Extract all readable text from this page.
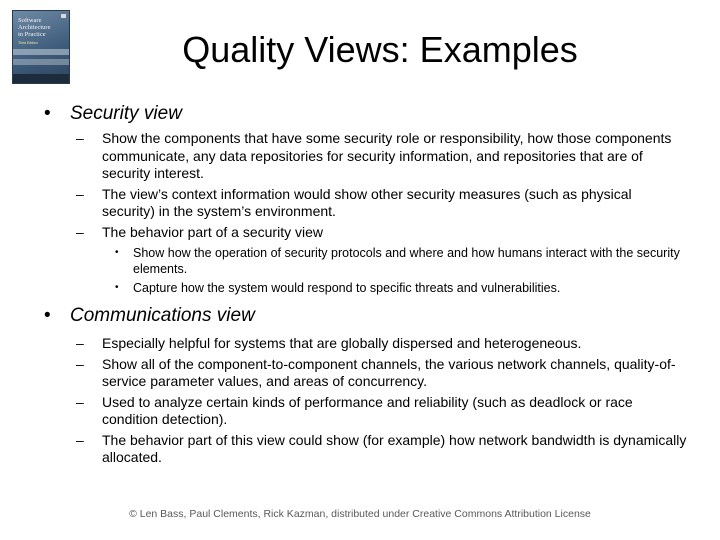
Software
Architecture
in Practice
Third Edition	Quality Views: Examples
• Security view
– Show the components that have some security role or responsibility, how those components communicate, any data repositories for security information, and repositories that are of security interest.
– The view’s context information would show other security measures (such as physical security) in the system’s environment.
– The behavior part of a security view
• Show how the operation of security protocols and where and how humans interact with the security elements.
• Capture how the system would respond to specific threats and vulnerabilities.
• Communications view
– Especially helpful for systems that are globally dispersed and heterogeneous.
– Show all of the component-to-component channels, the various network channels, quality-of-service parameter values, and areas of concurrency.
– Used to analyze certain kinds of performance and reliability (such as deadlock or race condition detection).
– The behavior part of this view could show (for example) how network bandwidth is dynamically allocated.
© Len Bass, Paul Clements, Rick Kazman, distributed under Creative Commons Attribution License
